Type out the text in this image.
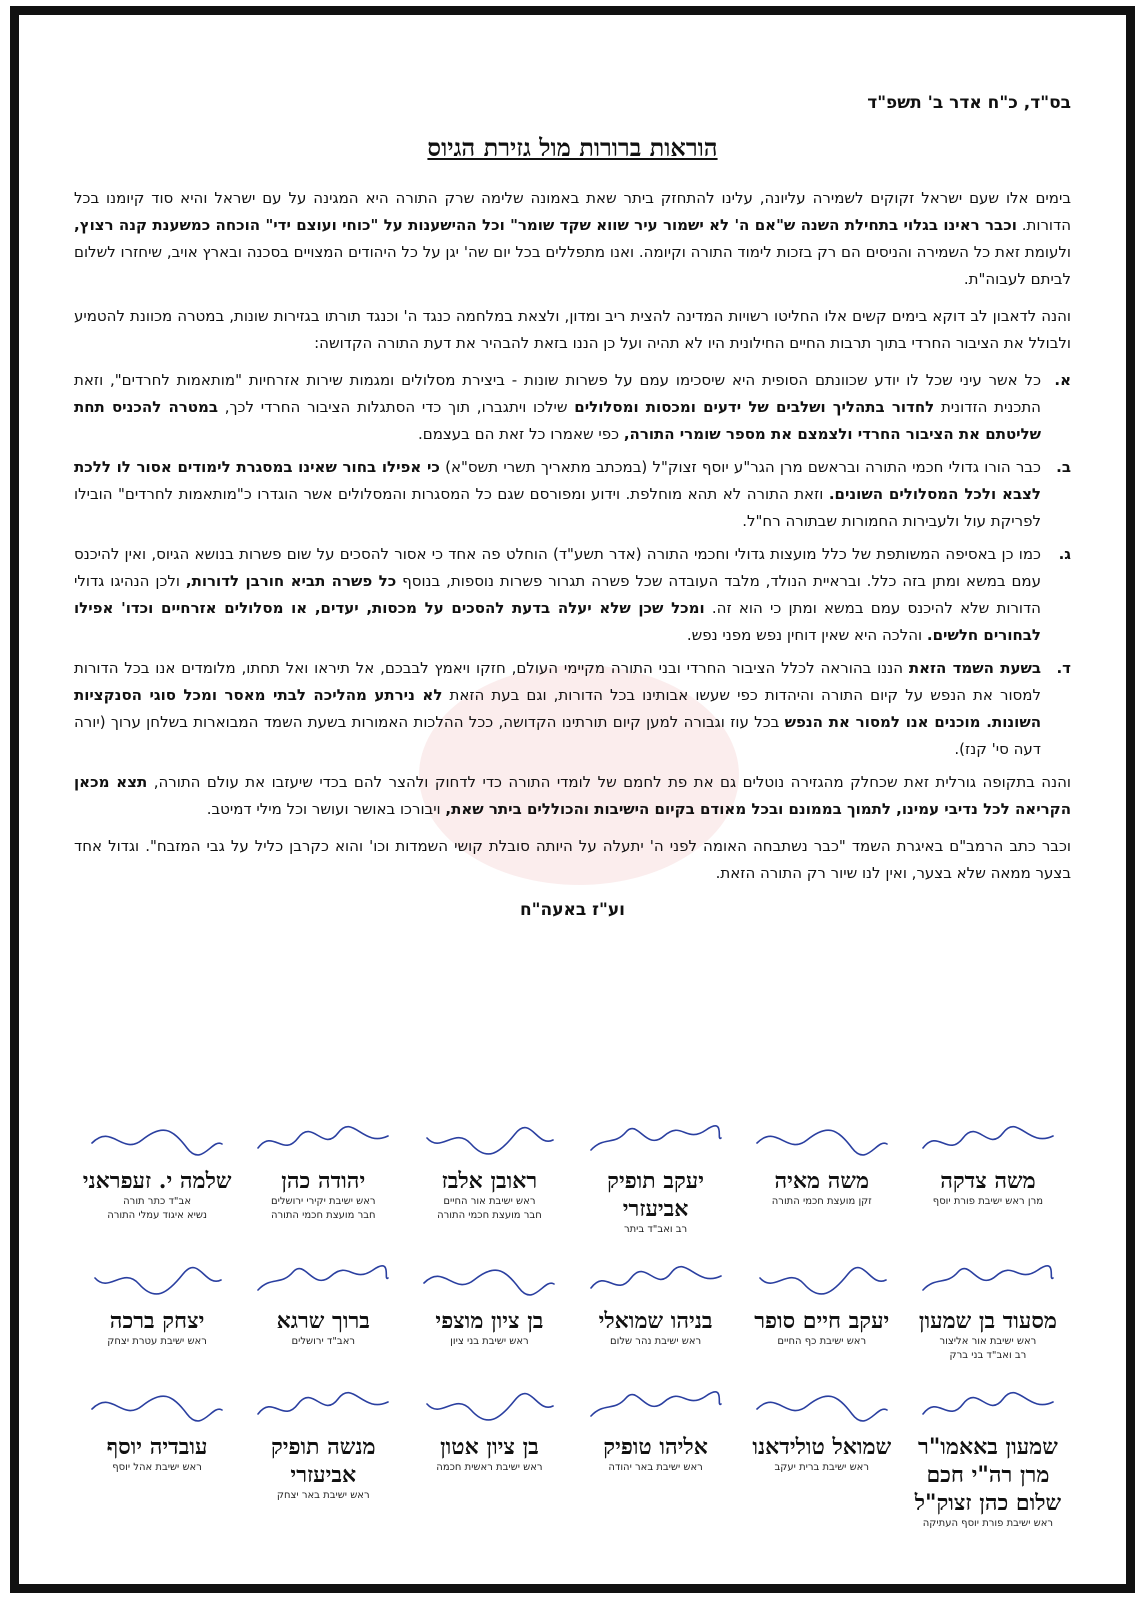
בס"ד, כ"ח אדר ב' תשפ"ד
הוראות ברורות מול גזירת הגיוס

בימים אלו שעם ישראל זקוקים לשמירה עליונה, עלינו להתחזק ביתר שאת באמונה שלימה שרק התורה היא המגינה על עם ישראל והיא סוד קיומנו בכל הדורות. וכבר ראינו בגלוי בתחילת השנה ש"אם ה' לא ישמור עיר שווא שקד שומר" וכל ההישענות על "כוחי ועוצם ידי" הוכחה כמשענת קנה רצוץ, ולעומת זאת כל השמירה והניסים הם רק בזכות לימוד התורה וקיומה. ואנו מתפללים בכל יום שה' יגן על כל היהודים המצויים בסכנה ובארץ אויב, שיחזרו לשלום לביתם לעבוה"ת.

והנה לדאבון לב דוקא בימים קשים אלו החליטו רשויות המדינה להצית ריב ומדון, ולצאת במלחמה כנגד ה' וכנגד תורתו בגזירות שונות, במטרה מכוונת להטמיע ולבולל את הציבור החרדי בתוך תרבות החיים החילונית היו לא תהיה ועל כן הננו בזאת להבהיר את דעת התורה הקדושה:

א.
כל אשר עיני שכל לו יודע שכוונתם הסופית היא שיסכימו עמם על פשרות שונות - ביצירת מסלולים ומגמות שירות אזרחיות "מותאמות לחרדים", וזאת התכנית הזדונית לחדור בתהליך ושלבים של ידעים ומכסות ומסלולים שילכו ויתגברו, תוך כדי הסתגלות הציבור החרדי לכך, במטרה להכניס תחת שליטתם את הציבור החרדי ולצמצם את מספר שומרי התורה, כפי שאמרו כל זאת הם בעצמם.
ב.
כבר הורו גדולי חכמי התורה ובראשם מרן הגר"ע יוסף זצוק"ל (במכתב מתאריך תשרי תשס"א) כי אפילו בחור שאינו במסגרת לימודים אסור לו ללכת לצבא ולכל המסלולים השונים. וזאת התורה לא תהא מוחלפת. וידוע ומפורסם שגם כל המסגרות והמסלולים אשר הוגדרו כ"מותאמות לחרדים" הובילו לפריקת עול ולעבירות החמורות שבתורה רח"ל.
ג.
כמו כן באסיפה המשותפת של כלל מועצות גדולי וחכמי התורה (אדר תשע"ד) הוחלט פה אחד כי אסור להסכים על שום פשרות בנושא הגיוס, ואין להיכנס עמם במשא ומתן בזה כלל. ובראיית הנולד, מלבד העובדה שכל פשרה תגרור פשרות נוספות, בנוסף כל פשרה תביא חורבן לדורות, ולכן הנהיגו גדולי הדורות שלא להיכנס עמם במשא ומתן כי הוא זה. ומכל שכן שלא יעלה בדעת להסכים על מכסות, יעדים, או מסלולים אזרחיים וכדו' אפילו לבחורים חלשים. והלכה היא שאין דוחין נפש מפני נפש.
ד.
בשעת השמד הזאת הננו בהוראה לכלל הציבור החרדי ובני התורה מקיימי העולם, חזקו ויאמץ לבבכם, אל תיראו ואל תחתו, מלומדים אנו בכל הדורות למסור את הנפש על קיום התורה והיהדות כפי שעשו אבותינו בכל הדורות, וגם בעת הזאת לא נירתע מהליכה לבתי מאסר ומכל סוגי הסנקציות השונות. מוכנים אנו למסור את הנפש בכל עוז וגבורה למען קיום תורתינו הקדושה, ככל ההלכות האמורות בשעת השמד המבוארות בשלחן ערוך (יורה דעה סי' קנז).

והנה בתקופה גורלית זאת שכחלק מהגזירה נוטלים גם את פת לחמם של לומדי התורה כדי לדחוק ולהצר להם בכדי שיעזבו את עולם התורה, תצא מכאן הקריאה לכל נדיבי עמינו, לתמוך בממונם ובכל מאודם בקיום הישיבות והכוללים ביתר שאת, ויבורכו באושר ועושר וכל מילי דמיטב.

וכבר כתב הרמב"ם באיגרת השמד "כבר נשתבחה האומה לפני ה' יתעלה על היותה סובלת קושי השמדות וכו' והוא כקרבן כליל על גבי המזבח". וגדול אחד בצער ממאה שלא בצער, ואין לנו שיור רק התורה הזאת.

וע"ז באעה"ח
משה צדקה
מרן ראש ישיבת פורת יוסף
משה מאיה
זקן מועצת חכמי התורה
יעקב תופיק אביעזרי
רב ואב"ד ביתר
ראובן אלבז
ראש ישיבת אור החיים
חבר מועצת חכמי התורה
יהודה כהן
ראש ישיבת יקירי ירושלים
חבר מועצת חכמי התורה
שלמה י. זעפראני
אב"ד כתר תורה
נשיא איגוד עמלי התורה
מסעוד בן שמעון
ראש ישיבת אור אליצור
רב ואב"ד בני ברק
יעקב חיים סופר
ראש ישיבת כף החיים
בניהו שמואלי
ראש ישיבת נהר שלום
בן ציון מוצפי
ראש ישיבת בני ציון
ברוך שרגא
ראב"ד ירושלים
יצחק ברכה
ראש ישיבת עטרת יצחק
שמעון באאמו"ר מרן רה"י חכם שלום כהן זצוק"ל
ראש ישיבת פורת יוסף העתיקה
שמואל טולידאנו
ראש ישיבת ברית יעקב
אליהו טופיק
ראש ישיבת באר יהודה
בן ציון אטון
ראש ישיבת ראשית חכמה
מנשה תופיק אביעזרי
ראש ישיבת באר יצחק
עובדיה יוסף
ראש ישיבת אהל יוסף
